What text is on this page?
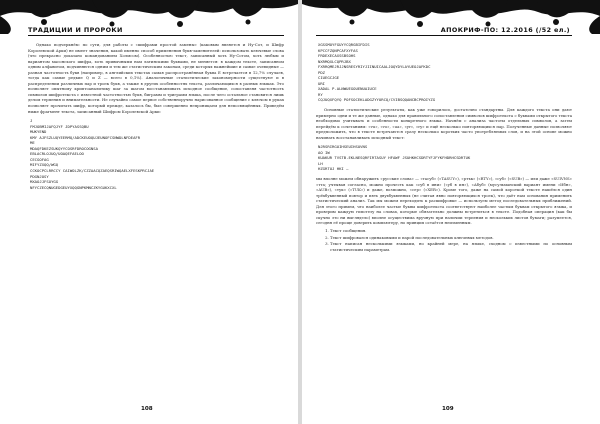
ТРАДИЦИИ И ПРОРОКИ

Однако подчеркнём: по сути, для работы с «шифрами простой замены» (каковым является и Ну-Сот, и Шифр Королевской Арки) не имеет значения, какой именно способ применения букв-заменителей: использовать ключевые слова (что прекрасно доказано командованием Холмсом). Особенностью текст, записанный хоть Ну-Сотом, хоть любым и вариантом масонского шифра, хоть привычными нам латинскими буквами, не меняется: в каждом тексте, записанном одним алфавитом, подчиняются одним и тем же статистическим законам, среди которых важнейшие и самые очевидные — разная частотность букв (например, в английских текстах самая распространённая буква E встречается в 12,7% случаев, тогда как самые редкие Q и Z — всего в 0,1%). Аналогичные статистические закономерности существуют и в распределении различных пар и троек букв, а также в других особенностях текста, различающихся в разных языках. Это позволяет опытному криптоаналитику шаг за шагом восстанавливать исходное сообщение, сопоставляя частотность символов шифротекста с известной частотностью букв, биграмм и триграмм языка, после чего остальное становится лишь делом терпения и внимательности. Не случайно самое первое собственноручно нарисованное сообщение с ключом в руках позволяет прочитать шифр, который прежде, казалось бы, был совершенно непроницаем для непосвящённых. Приведём ниже фрагмент текста, записанный Шифром Королевской Арки:

J
FMJOBMIJAFQJYF JDPYASSQBU
MUKYEND
KMY AJFSZLUQYEERMQ/ADCKEUOQUJEUNOFCSNWDLNFDEAFR
ME
MDAQFDKEZSUKQYYCOSRFDROCOGNSA
EBLACRLOJUQ/UOAQEFAELOO
CECGOFAG
MIFYZXQQ/WGQ
CCKOCPCLRRCCY CAIWOLZK/CZZAACQZAEQSRIWQAELXFESKPRCJAE
PDGNJOSY
MXAOJJFSOYGG
NFYCZECQNUGEDGEUYXQQGNPKMNCZKYGUKXCXL
108
АПОКРИФ-ПО: 12.2016 (/52 ел.)
XGSSMOYFGUYYCQRGBIFDIS
KPCCFZQNPCAFXYFAS
FRDEXECAXSSBSOHS
NXRMQXLCQPRJBX
FXRRQMEJRJJNSRESYRIYJIINUICAALJOQYDYLAYUEOJAFKDC
PDZ
CIUEGCJGE
URI
XADAL P.ALNWUEGOUENUAIUCE
RY
CQJUQXFQYQ POFSOCEKLADGZYYURCQ/CVIBSQQANCBCPROIYZG

Основные статистические результаты, как уже говорилось, достаточно стандартны. Для каждого текста они дают примерно одни и те же данные, однако для правильного сопоставления символов шифротекста с буквами открытого текста необходимо учитывать и особенности конкретного языка. Начнём с анализа частоты отдельных символов, а затем перейдём к сочетаниям: «vu», «vo», «ua», «yr», «ry» и ещё несколько повторяющихся пар. Полученные данные позволяют предположить, что в тексте встречаются сразу несколько коротких часто употребляемых слов, и на этой основе можно начинать восстанавливать исходный текст:

NJRSRIRGUIHSEUIHSUVNS
AO IW
KUAKUR TVSTB.EKLNESQRFIRTASUY HFAWF JSUHKHCSDRTYFJFYKFHDRHCSDRTUK
LH
HZGRTUJ HKI —

мы вполне можем обнаружить «русские слова» — «тасуб» («TASUY»), «ртък» («RTY»), «суб» («SUB») — или даже «SUIVNS» «тта; учтывая согласно, можно прочесть как «суб в ини» («уб в ин»), «Абуб» (мусульманский вариант имени «Ибн», «AUB»), «тук» («TUK») и даже, возможно, «сер» («XER»). Кроме того, даже на самой короткой тексте нашёлся один трёхбуквенный повтор и пять двухбуквенных (не считая явно повторяющихся троек), что даёт нам основания применить статистический анализ. Так мы можем переходить к расшифровке — используем метод последовательных приближений. Для этого примем, что наиболее частые буквы шифротекста соответствуют наиболее частым буквам открытого языка, и проверим каждую гипотезу на словах, которые обязательно должны встретиться в тексте. Подобная операция (как бы скучно это ни выглядело) вполне осуществима вручную при наличии терпения и нескольких листов бумаги; разумеется, сегодня её проще доверить компьютеру, но принцип остаётся неизменным.

1. Текст сообщения.
2. Текст шифровался одинаковыми и парой последовательных ключевых методов.
3. Текст написан несколькими языками, но крайней мере, на языке, сходном с известными по основным статистическим параметрам.
109
